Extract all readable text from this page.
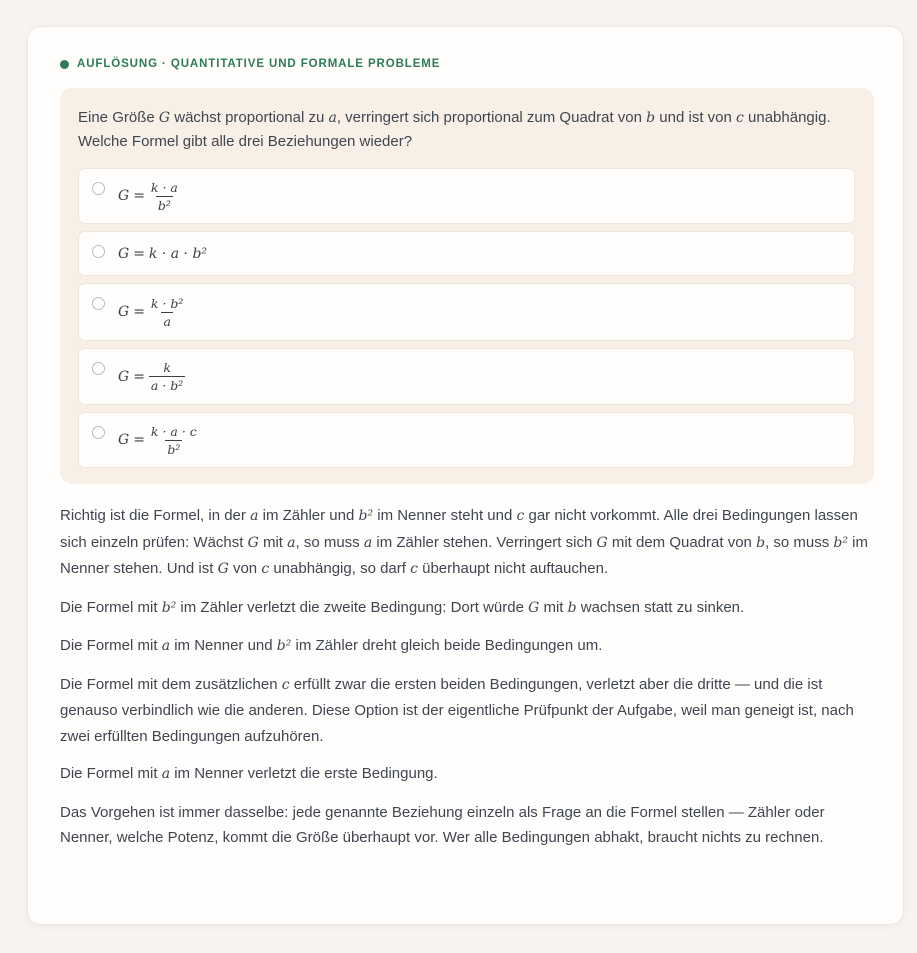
AUFLÖSUNG · QUANTITATIVE UND FORMALE PROBLEME

Eine Größe G wächst proportional zu a, verringert sich proportional zum Quadrat von b und ist von c unabhängig. Welche Formel gibt alle drei Beziehungen wieder?

$G = \frac{k \cdot a}{\text{b²}}$
G = k · a · b²
$G = \frac{\text{k · b²}}{a}$
$G = \frac{k}{\text{a · b²}}$
$G = \frac{k \cdot a \cdot c}{\text{b²}}$

Richtig ist die Formel, in der a im Zähler und b² im Nenner steht und c gar nicht vorkommt. Alle drei Bedingungen lassen sich einzeln prüfen: Wächst G mit a, so muss a im Zähler stehen. Verringert sich G mit dem Quadrat von b, so muss b² im Nenner stehen. Und ist G von c unabhängig, so darf c überhaupt nicht auftauchen.

Die Formel mit b² im Zähler verletzt die zweite Bedingung: Dort würde G mit b wachsen statt zu sinken.

Die Formel mit a im Nenner und b² im Zähler dreht gleich beide Bedingungen um.

Die Formel mit dem zusätzlichen c erfüllt zwar die ersten beiden Bedingungen, verletzt aber die dritte — und die ist genauso verbindlich wie die anderen. Diese Option ist der eigentliche Prüfpunkt der Aufgabe, weil man geneigt ist, nach zwei erfüllten Bedingungen aufzuhören.

Die Formel mit a im Nenner verletzt die erste Bedingung.

Das Vorgehen ist immer dasselbe: jede genannte Beziehung einzeln als Frage an die Formel stellen — Zähler oder Nenner, welche Potenz, kommt die Größe überhaupt vor. Wer alle Bedingungen abhakt, braucht nichts zu rechnen.
